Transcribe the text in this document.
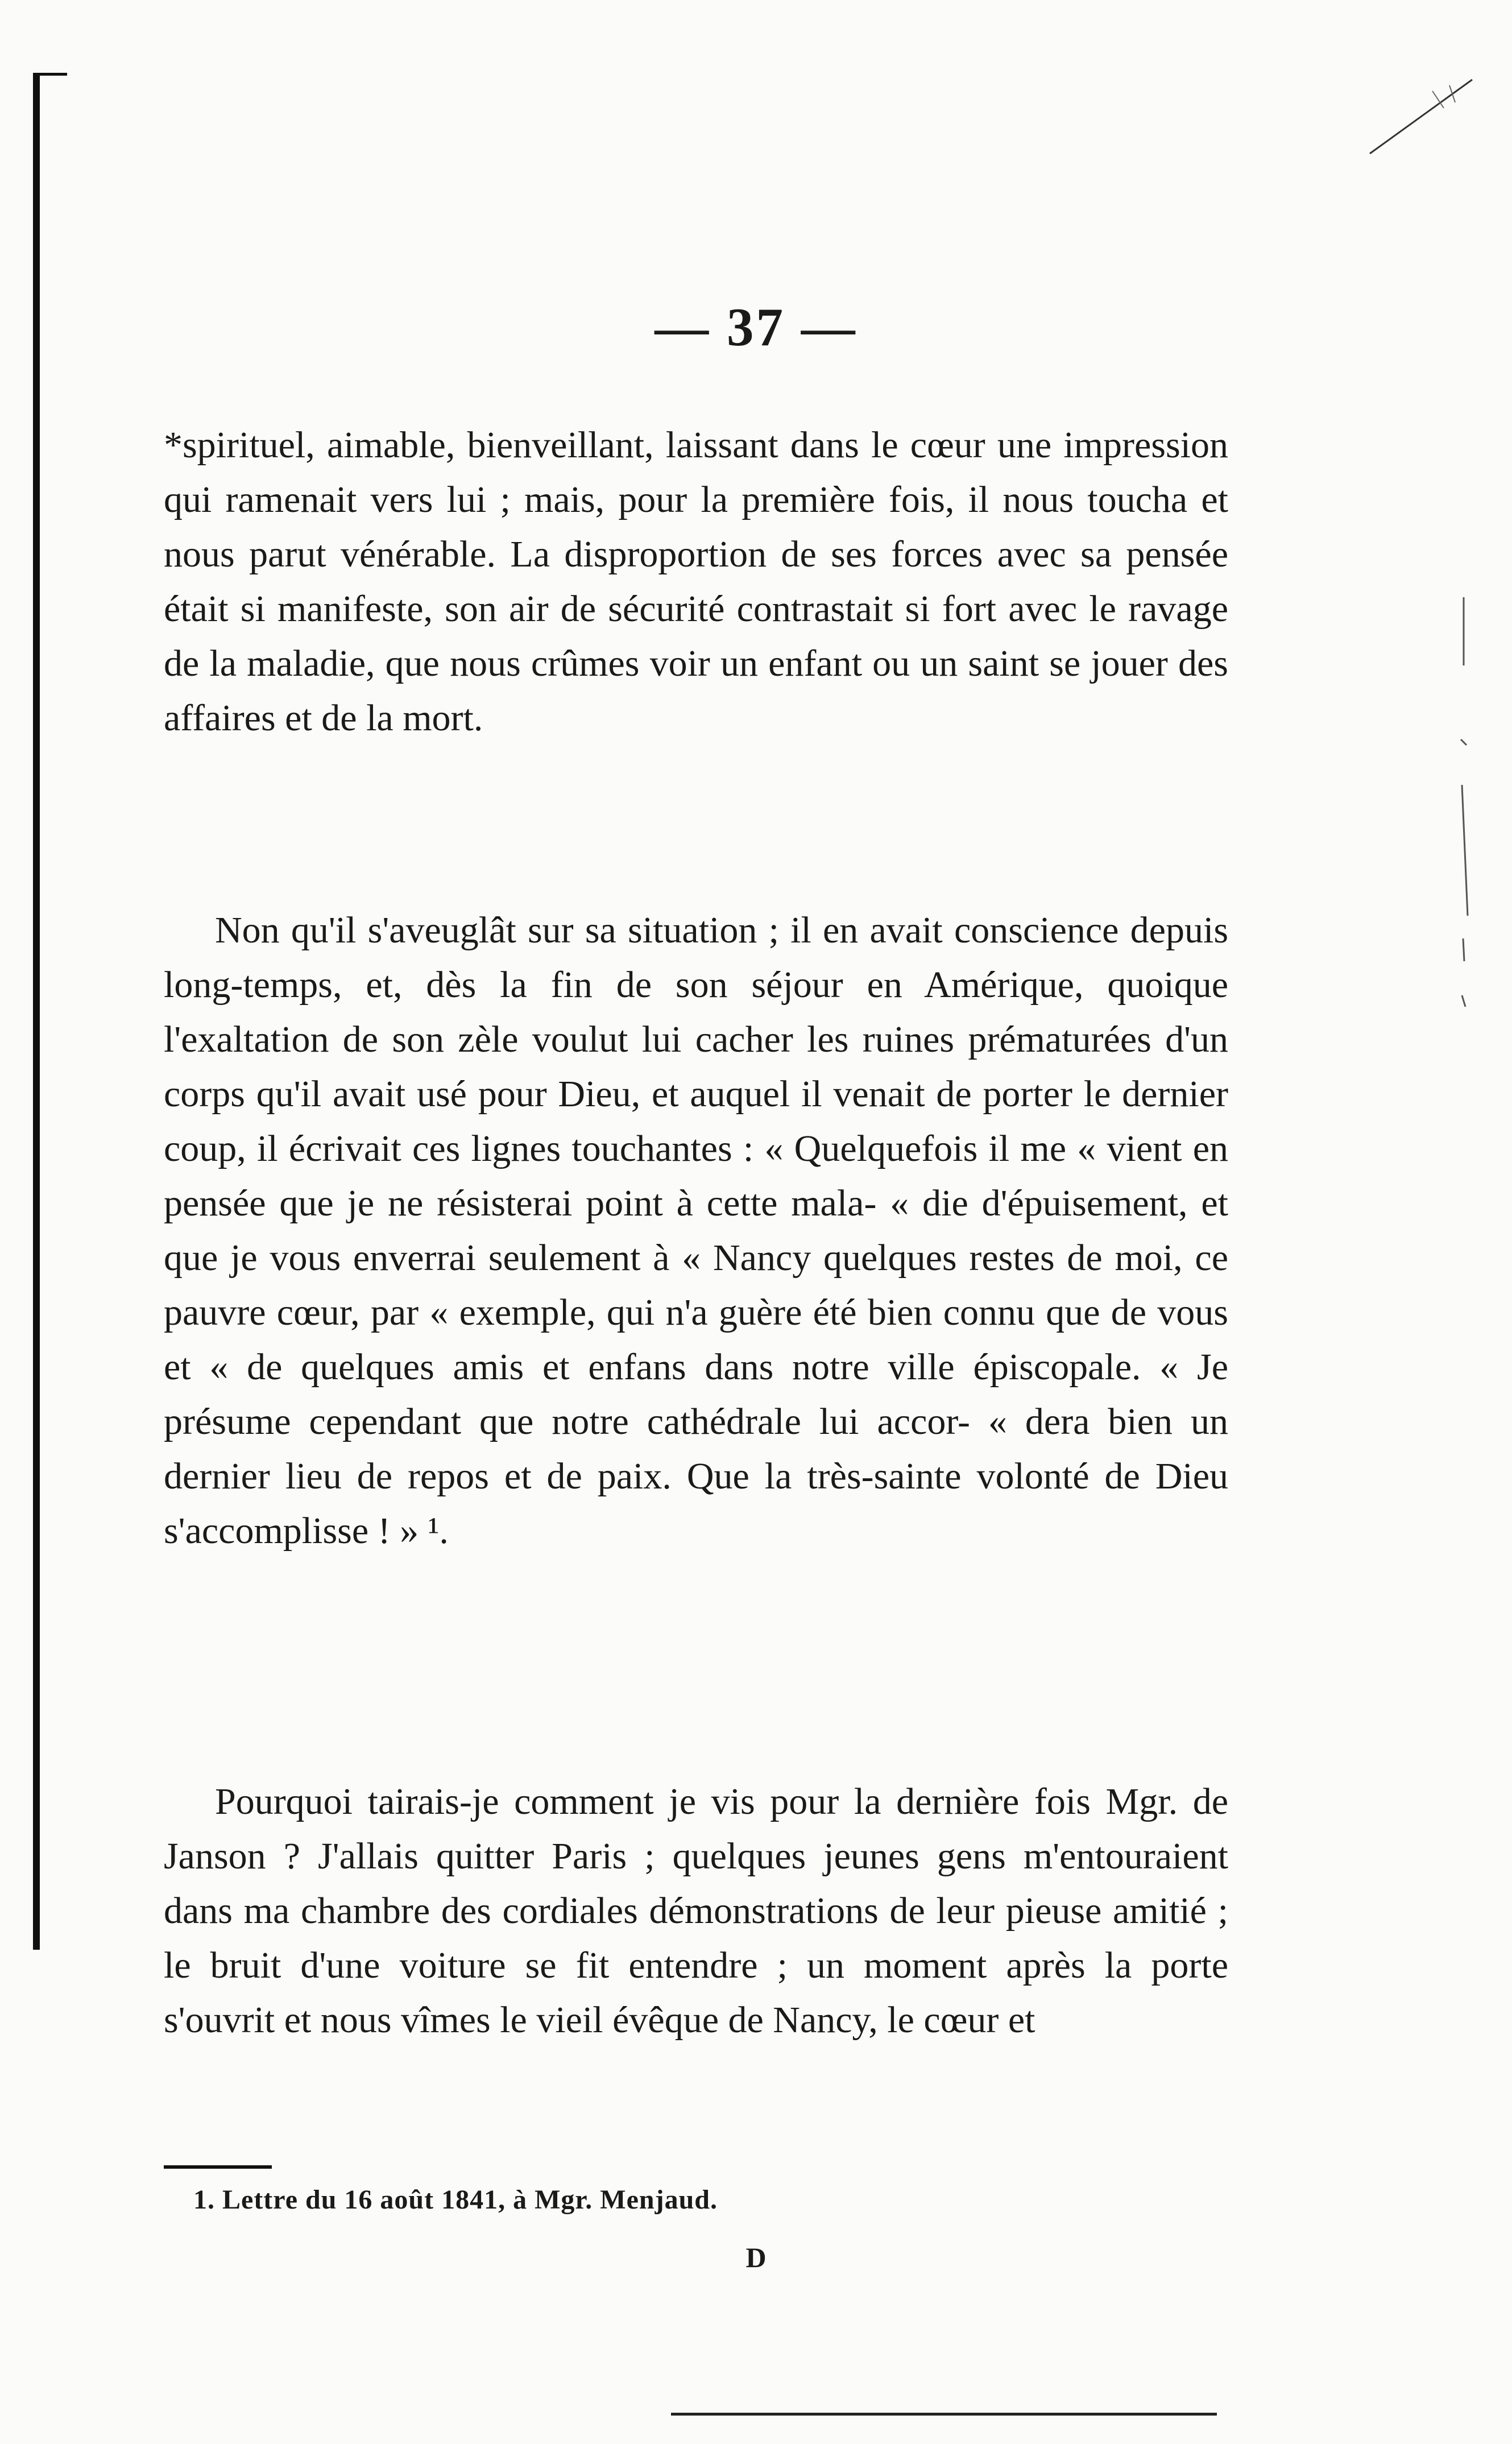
— 37 —

*spirituel, aimable, bienveillant, laissant dans le cœur une impression qui ramenait vers lui ; mais, pour la première fois, il nous toucha et nous parut vénérable. La disproportion de ses forces avec sa pensée était si manifeste, son air de sécurité contrastait si fort avec le ravage de la maladie, que nous crûmes voir un enfant ou un saint se jouer des affaires et de la mort.

Non qu'il s'aveuglât sur sa situation ; il en avait conscience depuis long-temps, et, dès la fin de son séjour en Amérique, quoique l'exaltation de son zèle voulut lui cacher les ruines prématurées d'un corps qu'il avait usé pour Dieu, et auquel il venait de porter le dernier coup, il écrivait ces lignes touchantes : « Quelquefois il me « vient en pensée que je ne résisterai point à cette mala- « die d'épuisement, et que je vous enverrai seulement à « Nancy quelques restes de moi, ce pauvre cœur, par « exemple, qui n'a guère été bien connu que de vous et « de quelques amis et enfans dans notre ville épiscopale. « Je présume cependant que notre cathédrale lui accor- « dera bien un dernier lieu de repos et de paix. Que la très-sainte volonté de Dieu s'accomplisse ! » ¹.

Pourquoi tairais-je comment je vis pour la dernière fois Mgr. de Janson ? J'allais quitter Paris ; quelques jeunes gens m'entouraient dans ma chambre des cordiales démonstrations de leur pieuse amitié ; le bruit d'une voiture se fit entendre ; un moment après la porte s'ouvrit et nous vîmes le vieil évêque de Nancy, le cœur et

1. Lettre du 16 août 1841, à Mgr. Menjaud.
D
